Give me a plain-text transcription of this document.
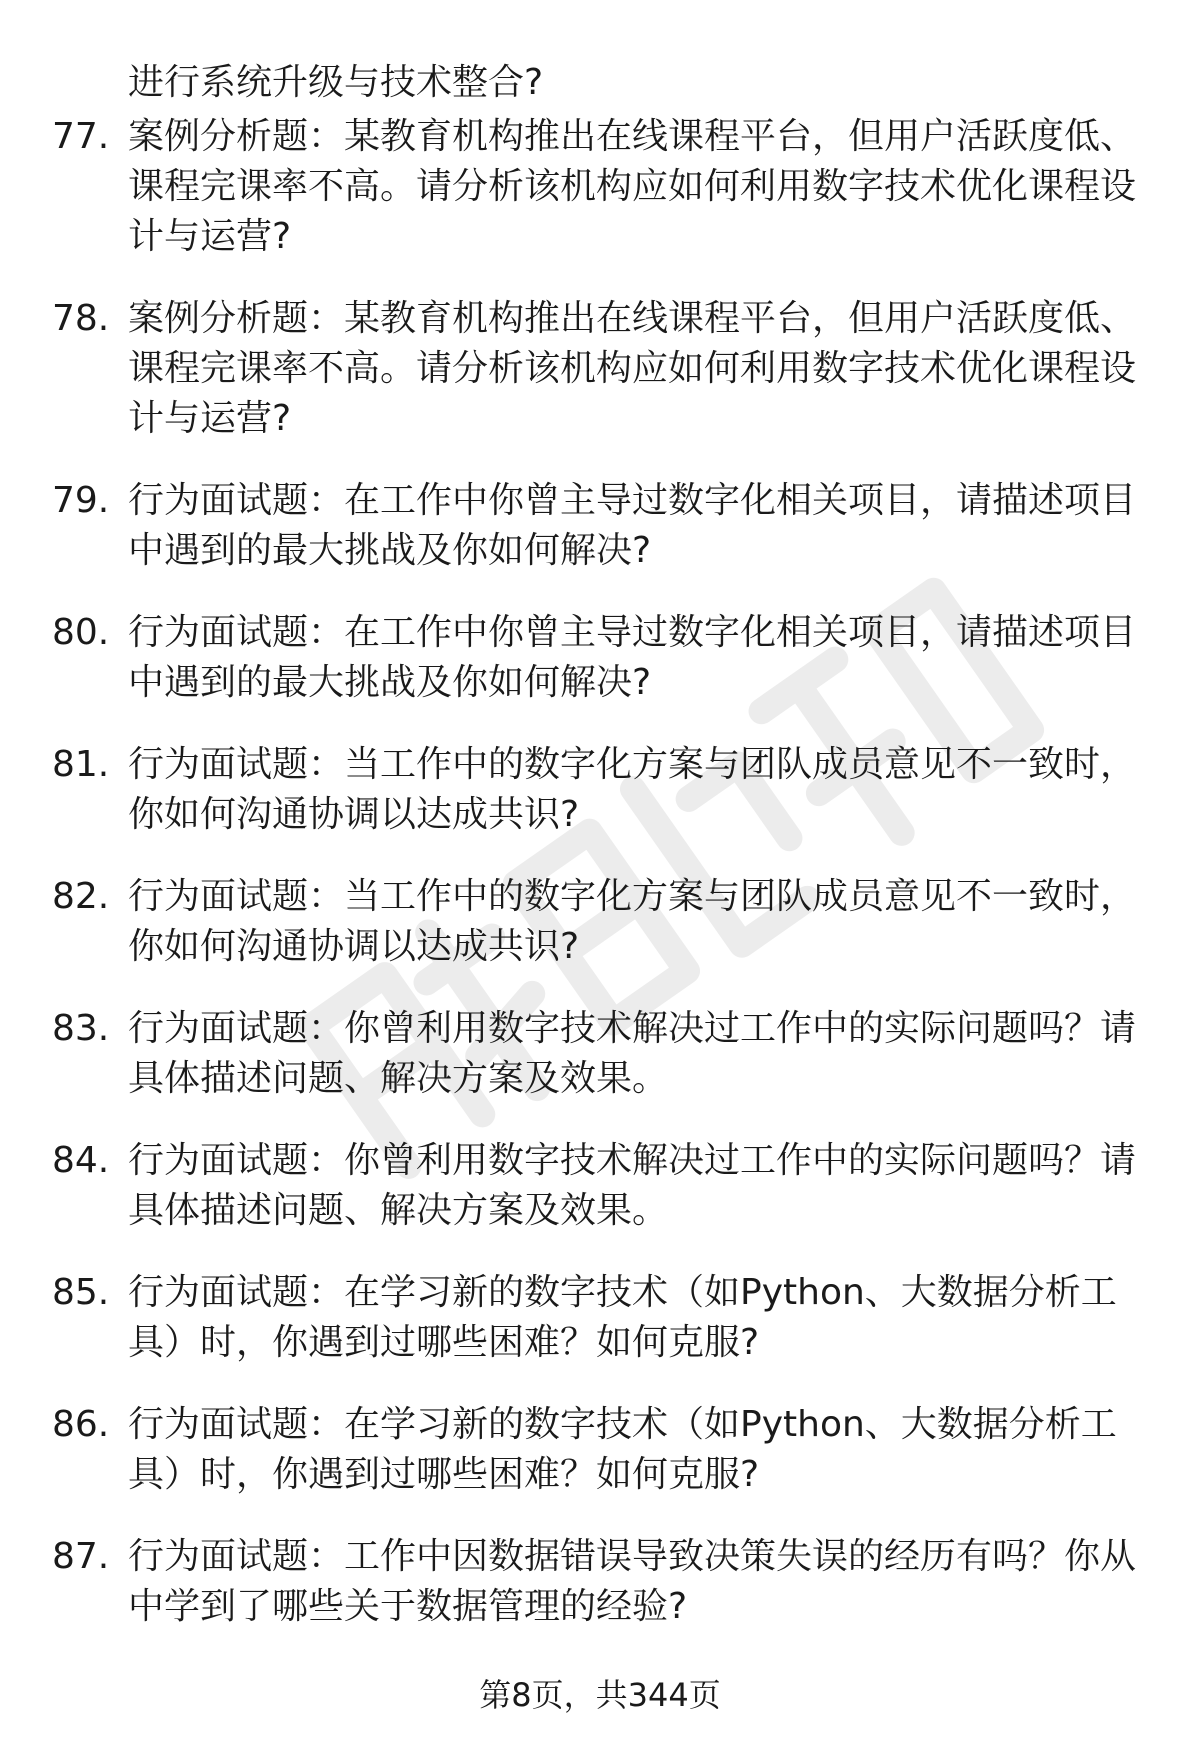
进行系统升级与技术整合?
77. 案例分析题：某教育机构推出在线课程平台，但用户活跃度低、课程完课率不高。请分析该机构应如何利用数字技术优化课程设计与运营?
78. 案例分析题：某教育机构推出在线课程平台，但用户活跃度低、课程完课率不高。请分析该机构应如何利用数字技术优化课程设计与运营?
79. 行为面试题：在工作中你曾主导过数字化相关项目，请描述项目中遇到的最大挑战及你如何解决?
80. 行为面试题：在工作中你曾主导过数字化相关项目，请描述项目中遇到的最大挑战及你如何解决?
81. 行为面试题：当工作中的数字化方案与团队成员意见不一致时，你如何沟通协调以达成共识?
82. 行为面试题：当工作中的数字化方案与团队成员意见不一致时，你如何沟通协调以达成共识?
83. 行为面试题：你曾利用数字技术解决过工作中的实际问题吗？请具体描述问题、解决方案及效果。
84. 行为面试题：你曾利用数字技术解决过工作中的实际问题吗？请具体描述问题、解决方案及效果。
85. 行为面试题：在学习新的数字技术（如Python、大数据分析工具）时，你遇到过哪些困难？如何克服?
86. 行为面试题：在学习新的数字技术（如Python、大数据分析工具）时，你遇到过哪些困难？如何克服?
87. 行为面试题：工作中因数据错误导致决策失误的经历有吗？你从中学到了哪些关于数据管理的经验?
第8页，共344页
